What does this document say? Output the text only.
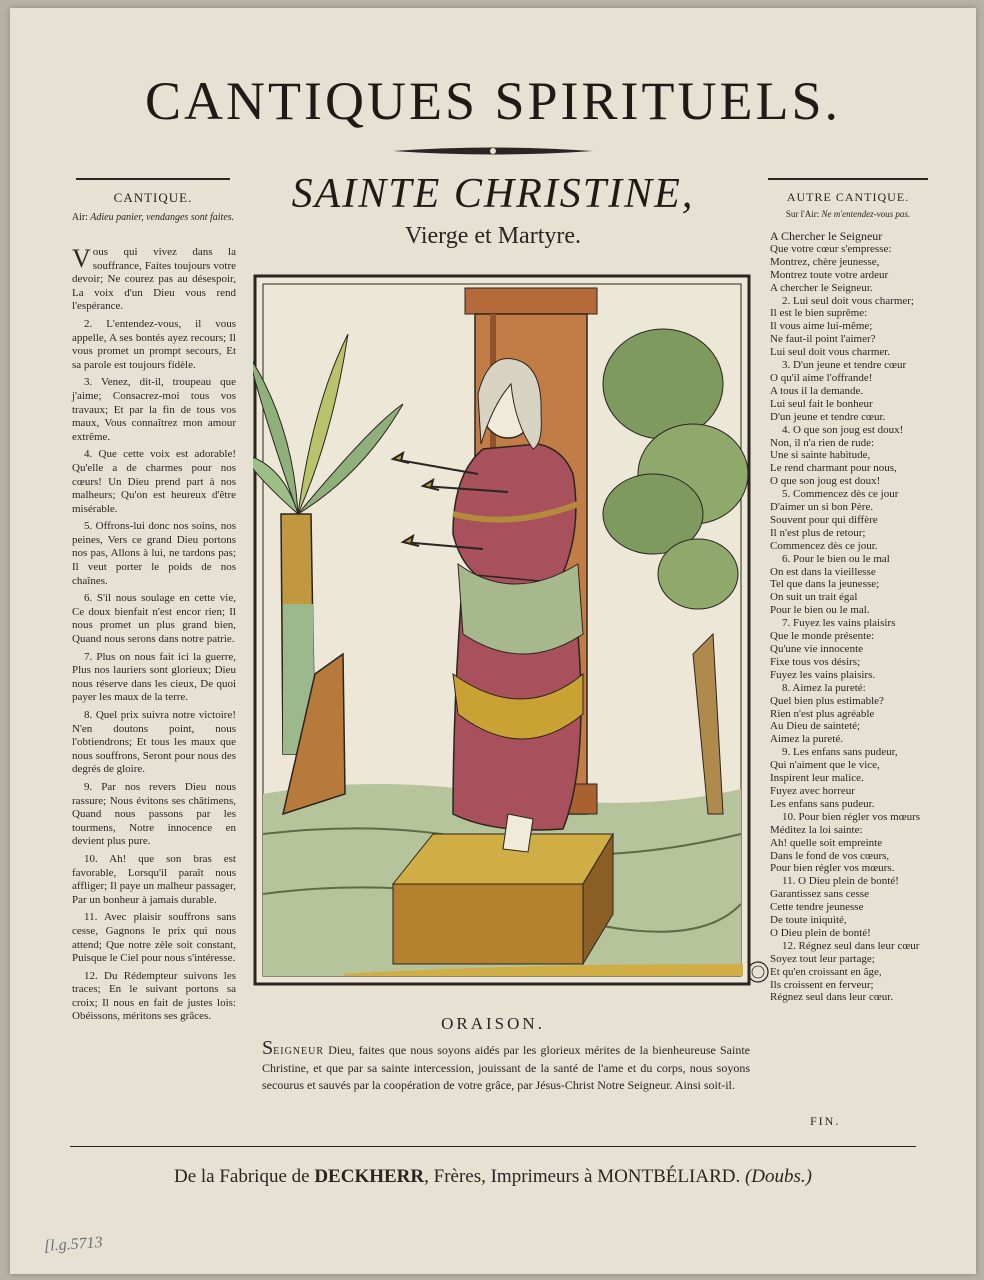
CANTIQUES SPIRITUELS.
CANTIQUE.
Air: Adieu panier, vendanges sont faites.

Vous qui vivez dans la souffrance, Faites toujours votre devoir; Ne courez pas au désespoir, La voix d'un Dieu vous rend l'espérance.

2. L'entendez-vous, il vous appelle, A ses bontés ayez recours; Il vous promet un prompt secours, Et sa parole est toujours fidèle.

3. Venez, dit-il, troupeau que j'aime; Consacrez-moi tous vos travaux; Et par la fin de tous vos maux, Vous connaîtrez mon amour extrême.

4. Que cette voix est adorable! Qu'elle a de charmes pour nos cœurs! Un Dieu prend part à nos malheurs; Qu'on est heureux d'être misérable.

5. Offrons-lui donc nos soins, nos peines, Vers ce grand Dieu portons nos pas, Allons à lui, ne tardons pas; Il veut porter le poids de nos chaînes.

6. S'il nous soulage en cette vie, Ce doux bienfait n'est encor rien; Il nous promet un plus grand bien, Quand nous serons dans notre patrie.

7. Plus on nous fait ici la guerre, Plus nos lauriers sont glorieux; Dieu nous réserve dans les cieux, De quoi payer les maux de la terre.

8. Quel prix suivra notre victoire! N'en doutons point, nous l'obtiendrons; Et tous les maux que nous souffrons, Seront pour nous des degrés de gloire.

9. Par nos revers Dieu nous rassure; Nous évitons ses châtimens, Quand nous passons par les tourmens, Notre innocence en devient plus pure.

10. Ah! que son bras est favorable, Lorsqu'il paraît nous affliger; Il paye un malheur passager, Par un bonheur à jamais durable.

11. Avec plaisir souffrons sans cesse, Gagnons le prix qui nous attend; Que notre zèle soit constant, Puisque le Ciel pour nous s'intéresse.

12. Du Rédempteur suivons les traces; En le suivant portons sa croix; Il nous en fait de justes lois: Obéissons, méritons ses grâces.

SAINTE CHRISTINE,
Vierge et Martyre.
ORAISON.
SEIGNEUR Dieu, faites que nous soyons aidés par les glorieux mérites de la bienheureuse Sainte Christine, et que par sa sainte intercession, jouissant de la santé de l'ame et du corps, nous soyons secourus et sauvés par la coopération de votre grâce, par Jésus-Christ Notre Seigneur. Ainsi soit-il.
AUTRE CANTIQUE.
Sur l'Air: Ne m'entendez-vous pas.
A Chercher le Seigneur
Que votre cœur s'empresse:
Montrez, chère jeunesse,
Montrez toute votre ardeur
A chercher le Seigneur.
2. Lui seul doit vous charmer;
Il est le bien suprême:
Il vous aime lui-même;
Ne faut-il point l'aimer?
Lui seul doit vous charmer.
3. D'un jeune et tendre cœur
O qu'il aime l'offrande!
A tous il la demande.
Lui seul fait le bonheur
D'un jeune et tendre cœur.
4. O que son joug est doux!
Non, il n'a rien de rude:
Une si sainte habitude,
Le rend charmant pour nous,
O que son joug est doux!
5. Commencez dès ce jour
D'aimer un si bon Père.
Souvent pour qui diffère
Il n'est plus de retour;
Commencez dès ce jour.
6. Pour le bien ou le mal
On est dans la vieillesse
Tel que dans la jeunesse;
On suit un trait égal
Pour le bien ou le mal.
7. Fuyez les vains plaisirs
Que le monde présente:
Qu'une vie innocente
Fixe tous vos désirs;
Fuyez les vains plaisirs.
8. Aimez la pureté:
Quel bien plus estimable?
Rien n'est plus agréable
Au Dieu de sainteté;
Aimez la pureté.
9. Les enfans sans pudeur,
Qui n'aiment que le vice,
Inspirent leur malice.
Fuyez avec horreur
Les enfans sans pudeur.
10. Pour bien régler vos mœurs
Méditez la loi sainte:
Ah! quelle soit empreinte
Dans le fond de vos cœurs,
Pour bien régler vos mœurs.
11. O Dieu plein de bonté!
Garantissez sans cesse
Cette tendre jeunesse
De toute iniquité,
O Dieu plein de bonté!
12. Régnez seul dans leur cœur
Soyez tout leur partage;
Et qu'en croissant en âge,
Ils croissent en ferveur;
Régnez seul dans leur cœur.
FIN.
De la Fabrique de DECKHERR, Frères, Imprimeurs à MONTBÉLIARD. (Doubs.)
[l.g.5713
